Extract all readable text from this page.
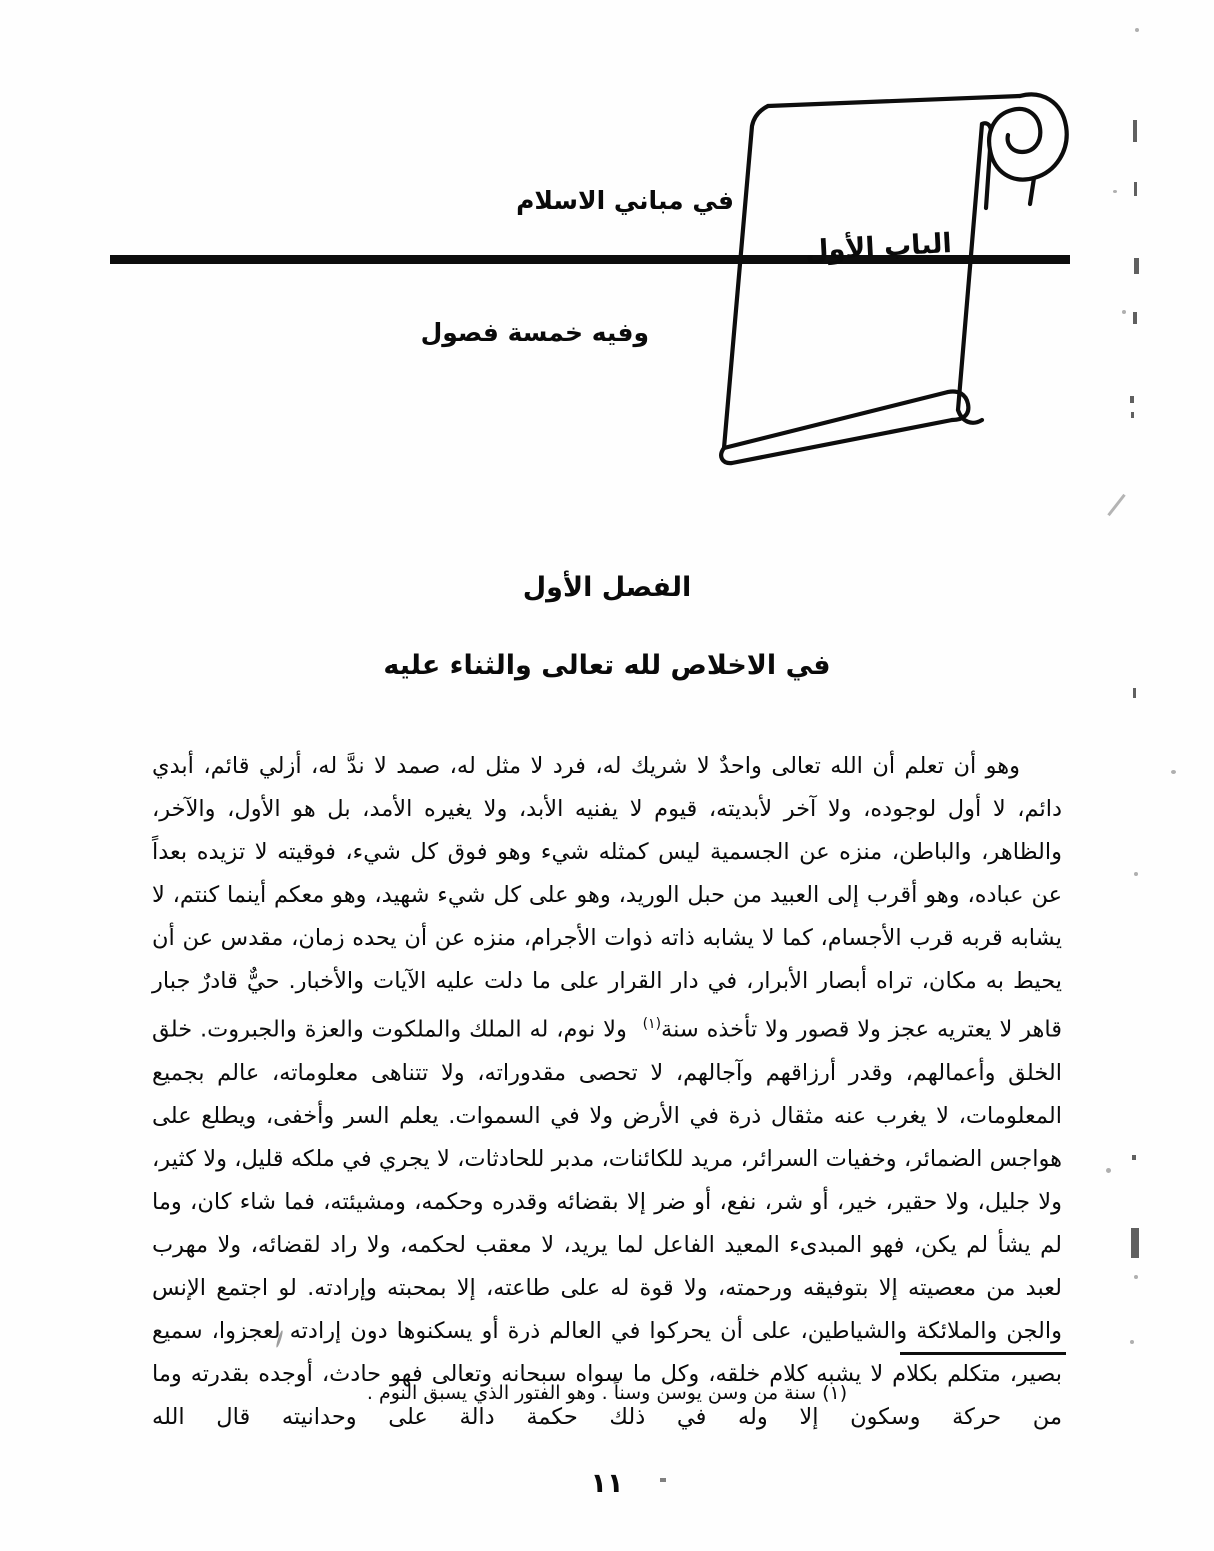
الباب الأول
في مباني الاسلام
وفيه خمسة فصول
الفصل الأول
في الاخلاص لله تعالى والثناء عليه

وهو أن تعلم أن الله تعالى واحدٌ لا شريك له، فرد لا مثل له، صمد لا ندَّ له، أزلي قائم، أبدي دائم، لا أول لوجوده، ولا آخر لأبديته، قيوم لا يفنيه الأبد، ولا يغيره الأمد، بل هو الأول، والآخر، والظاهر، والباطن، منزه عن الجسمية ليس كمثله شيء وهو فوق كل شيء، فوقيته لا تزيده بعداً عن عباده، وهو أقرب إلى العبيد من حبل الوريد، وهو على كل شيء شهيد، وهو معكم أينما كنتم، لا يشابه قربه قرب الأجسام، كما لا يشابه ذاته ذوات الأجرام، منزه عن أن يحده زمان، مقدس عن أن يحيط به مكان، تراه أبصار الأبرار، في دار القرار على ما دلت عليه الآيات والأخبار. حيٌّ قادرٌ جبار قاهر لا يعتريه عجز ولا قصور ولا تأخذه سنة$^{(١)}$  ولا نوم، له الملك والملكوت والعزة والجبروت. خلق الخلق وأعمالهم، وقدر أرزاقهم وآجالهم، لا تحصى مقدوراته، ولا تتناهى معلوماته، عالم بجميع المعلومات، لا يغرب عنه مثقال ذرة في الأرض ولا في السموات. يعلم السر وأخفى، ويطلع على هواجس الضمائر، وخفيات السرائر، مريد للكائنات، مدبر للحادثات، لا يجري في ملكه قليل، ولا كثير، ولا جليل، ولا حقير، خير، أو شر، نفع، أو ضر إلا بقضائه وقدره وحكمه، ومشيئته، فما شاء كان، وما لم يشأ لم يكن، فهو المبدىء المعيد الفاعل لما يريد، لا معقب لحكمه، ولا راد لقضائه، ولا مهرب لعبد من معصيته إلا بتوفيقه ورحمته، ولا قوة له على طاعته، إلا بمحبته وإرادته. لو اجتمع الإنس والجن والملائكة والشياطين، على أن يحركوا في العالم ذرة أو يسكنوها دون إرادته لعجزوا، سميع بصير، متكلم بكلام لا يشبه كلام خلقه، وكل ما سواه سبحانه وتعالى فهو حادث، أوجده بقدرته وما من حركة وسكون إلا وله في ذلك حكمة دالة على وحدانيته قال الله

(١) سنة من وسن يوسن وسناً . وهو الفتور الذي يسبق النوم .
١١
